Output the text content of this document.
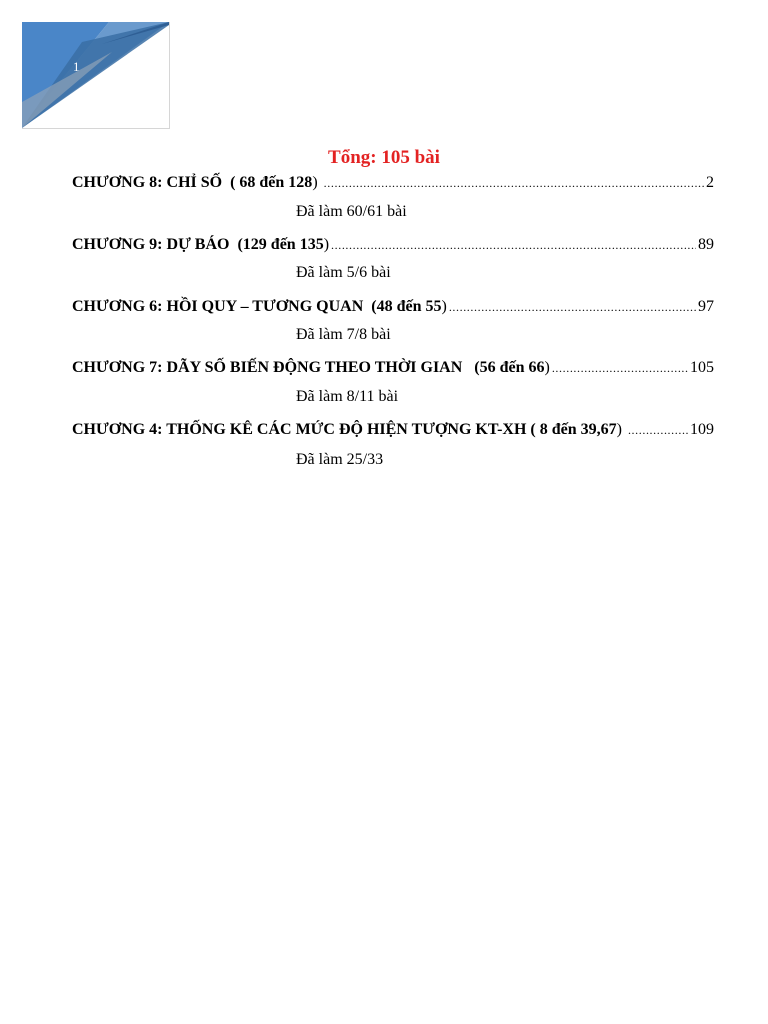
1
Tổng: 105 bài
CHƯƠNG 8: CHỈ SỐ  ( 68 đến 128) .....	2
Đã làm 60/61 bài
CHƯƠNG 9: DỰ BÁO  (129 đến 135) .....	89
Đã làm 5/6 bài
CHƯƠNG 6: HỒI QUY – TƯƠNG QUAN  (48 đến 55) .....	97
Đã làm 7/8 bài
CHƯƠNG 7: DÃY SỐ BIẾN ĐỘNG THEO THỜI GIAN   (56 đến 66) .....	105
Đã làm 8/11 bài
CHƯƠNG 4: THỐNG KÊ CÁC MỨC ĐỘ HIỆN TƯỢNG KT-XH ( 8 đến 39,67) .....	109
Đã làm 25/33
